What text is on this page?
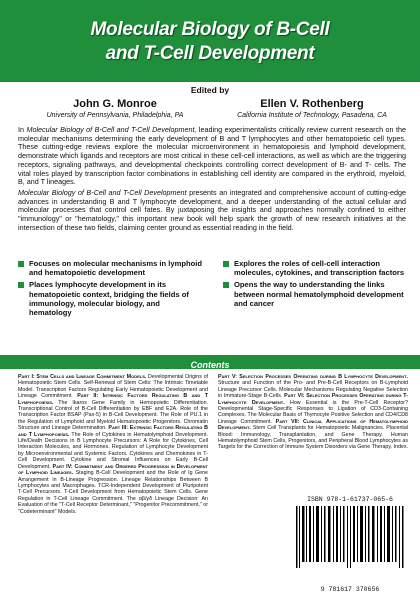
Molecular Biology of B-Cell
and T-Cell Development
Edited by
John G. Monroe
University of Pennsylvania, Philadelphia, PA
Ellen V. Rothenberg
California Institute of Technology, Pasadena, CA

In Molecular Biology of B-Cell and T-Cell Development, leading experimentalists critically review current research on the molecular mechanisms determining the early development of B and T lymphocytes and other hematopoietic cell types. These cutting-edge reviews explore the molecular microenvironment in hematopoiesis and lymphoid development, demonstrate which ligands and receptors are most critical in these cell-cell interactions, as well as which are the triggering receptors, signaling pathways, and developmental checkpoints controlling correct development of B- and T- cells. The vital roles played by transcription factor combinations in establishing cell identity are compared in the erythroid, myeloid, B, and T lineages.

Molecular Biology of B-Cell and T-Cell Development presents an integrated and comprehensive account of cutting-edge advances in understanding B and T lymphocyte development, and a deeper understanding of the actual cellular and molecular processes that control cell fates. By juxtaposing the insights and approaches normally confined to either "immunology" or "hematology," this important new book will help spark the growth of new research initiatives at the intersection of these two fields, claiming center ground as essential reading in the field.

Focuses on molecular mechanisms in lymphoid and hematopoietic development
Places lymphocyte development in its hematopoietic context, bridging the fields of immunology, molecular biology, and hematology
Explores the roles of cell-cell interaction molecules, cytokines, and transcription factors
Opens the way to understanding the links between normal hematolymphoid development and cancer
Contents
Part I: Stem Cells and Lineage Commitment Models. Developmental Origins of Hematopoietic Stem Cells. Self-Renewal of Stem Cells: The Intrinsic Timetable Model. Transcription Factors Regulating Early Hematopoietic Development and Lineage Commitment. Part II: Intrinsic Factors Regulating B and T Lymphopoiesis. The Ikaros Gene Family in Hemopoietic Differentiation. Transcriptional Control of B-Cell Differentiation by EBF and E2A. Role of the Transcription Factor BSAP (Pax-5) in B-Cell Development. The Role of PU.1 in the Regulation of Lymphoid and Myeloid Hematopoietic Progenitors. Chromatin Structure and Lineage Determination. Part III: Extrinsic Factors Regulating B and T Lymphopoiesis. The Role of Cytokines in Hematolymphoid Development. Life/Death Decisions in B Lymphocyte Precursors: A Role for Cytokines, Cell Interaction Molecules, and Hormones. Regulation of Lymphocyte Development by Microenvironmental and Systemic Factors. Cytokines and Chemokines in T-Cell Development. Cytokine and Stromal Influences on Early B-Cell Development. Part IV: Commitment and Ordered Progression in Development of Lymphoid Lineages. Staging B-Cell Development and the Role of Ig Gene Arrangement in B-Lineage Progression. Lineage Relationships Between B Lymphocytes and Macrophages. TCR-Independent Development of Pluripotent T-Cell Precursors. T-Cell Development from Hematopoietic Stem Cells. Gene Regulation in T-Cell Lineage Commitment. The αβ/γδ Lineage Decision: An Evaluation of the "T-Cell Receptor Determinant," "Progenitor Precommitment," or "Codeterminant" Models.
Part V: Selection Processes Operating during B Lymphocyte Development. Structure and Function of the Pro- and Pre-B-Cell Receptors on B-Lymphoid Lineage Precursor Cells. Molecular Mechanisms Regulating Negative Selection in Immature-Stage B-Cells. Part VI: Selection Processes Operating during T-Lymphocyte Development. How Essential is the Pre-T-Cell Receptor? Developmental Stage-Specific Responses to Ligation of CD3-Containing Complexes. The Molecular Basis of Thymocyte Positive Selection and CD4/CD8 Lineage Commitment. Part VII: Clinical Applications of Hematolymphoid Development. Stem Cell Transplants for Hematopoietic Malignancies. Placental Blood: Immunology, Transplantation, and Gene Therapy. Human Hematolymphoid Stem Cells, Progenitors, and Peripheral Blood Lymphocytes as Targets for the Correction of Immune System Disorders via Gene Therapy. Index.
ISBN 978-1-61737-065-6
9 781617 370656
